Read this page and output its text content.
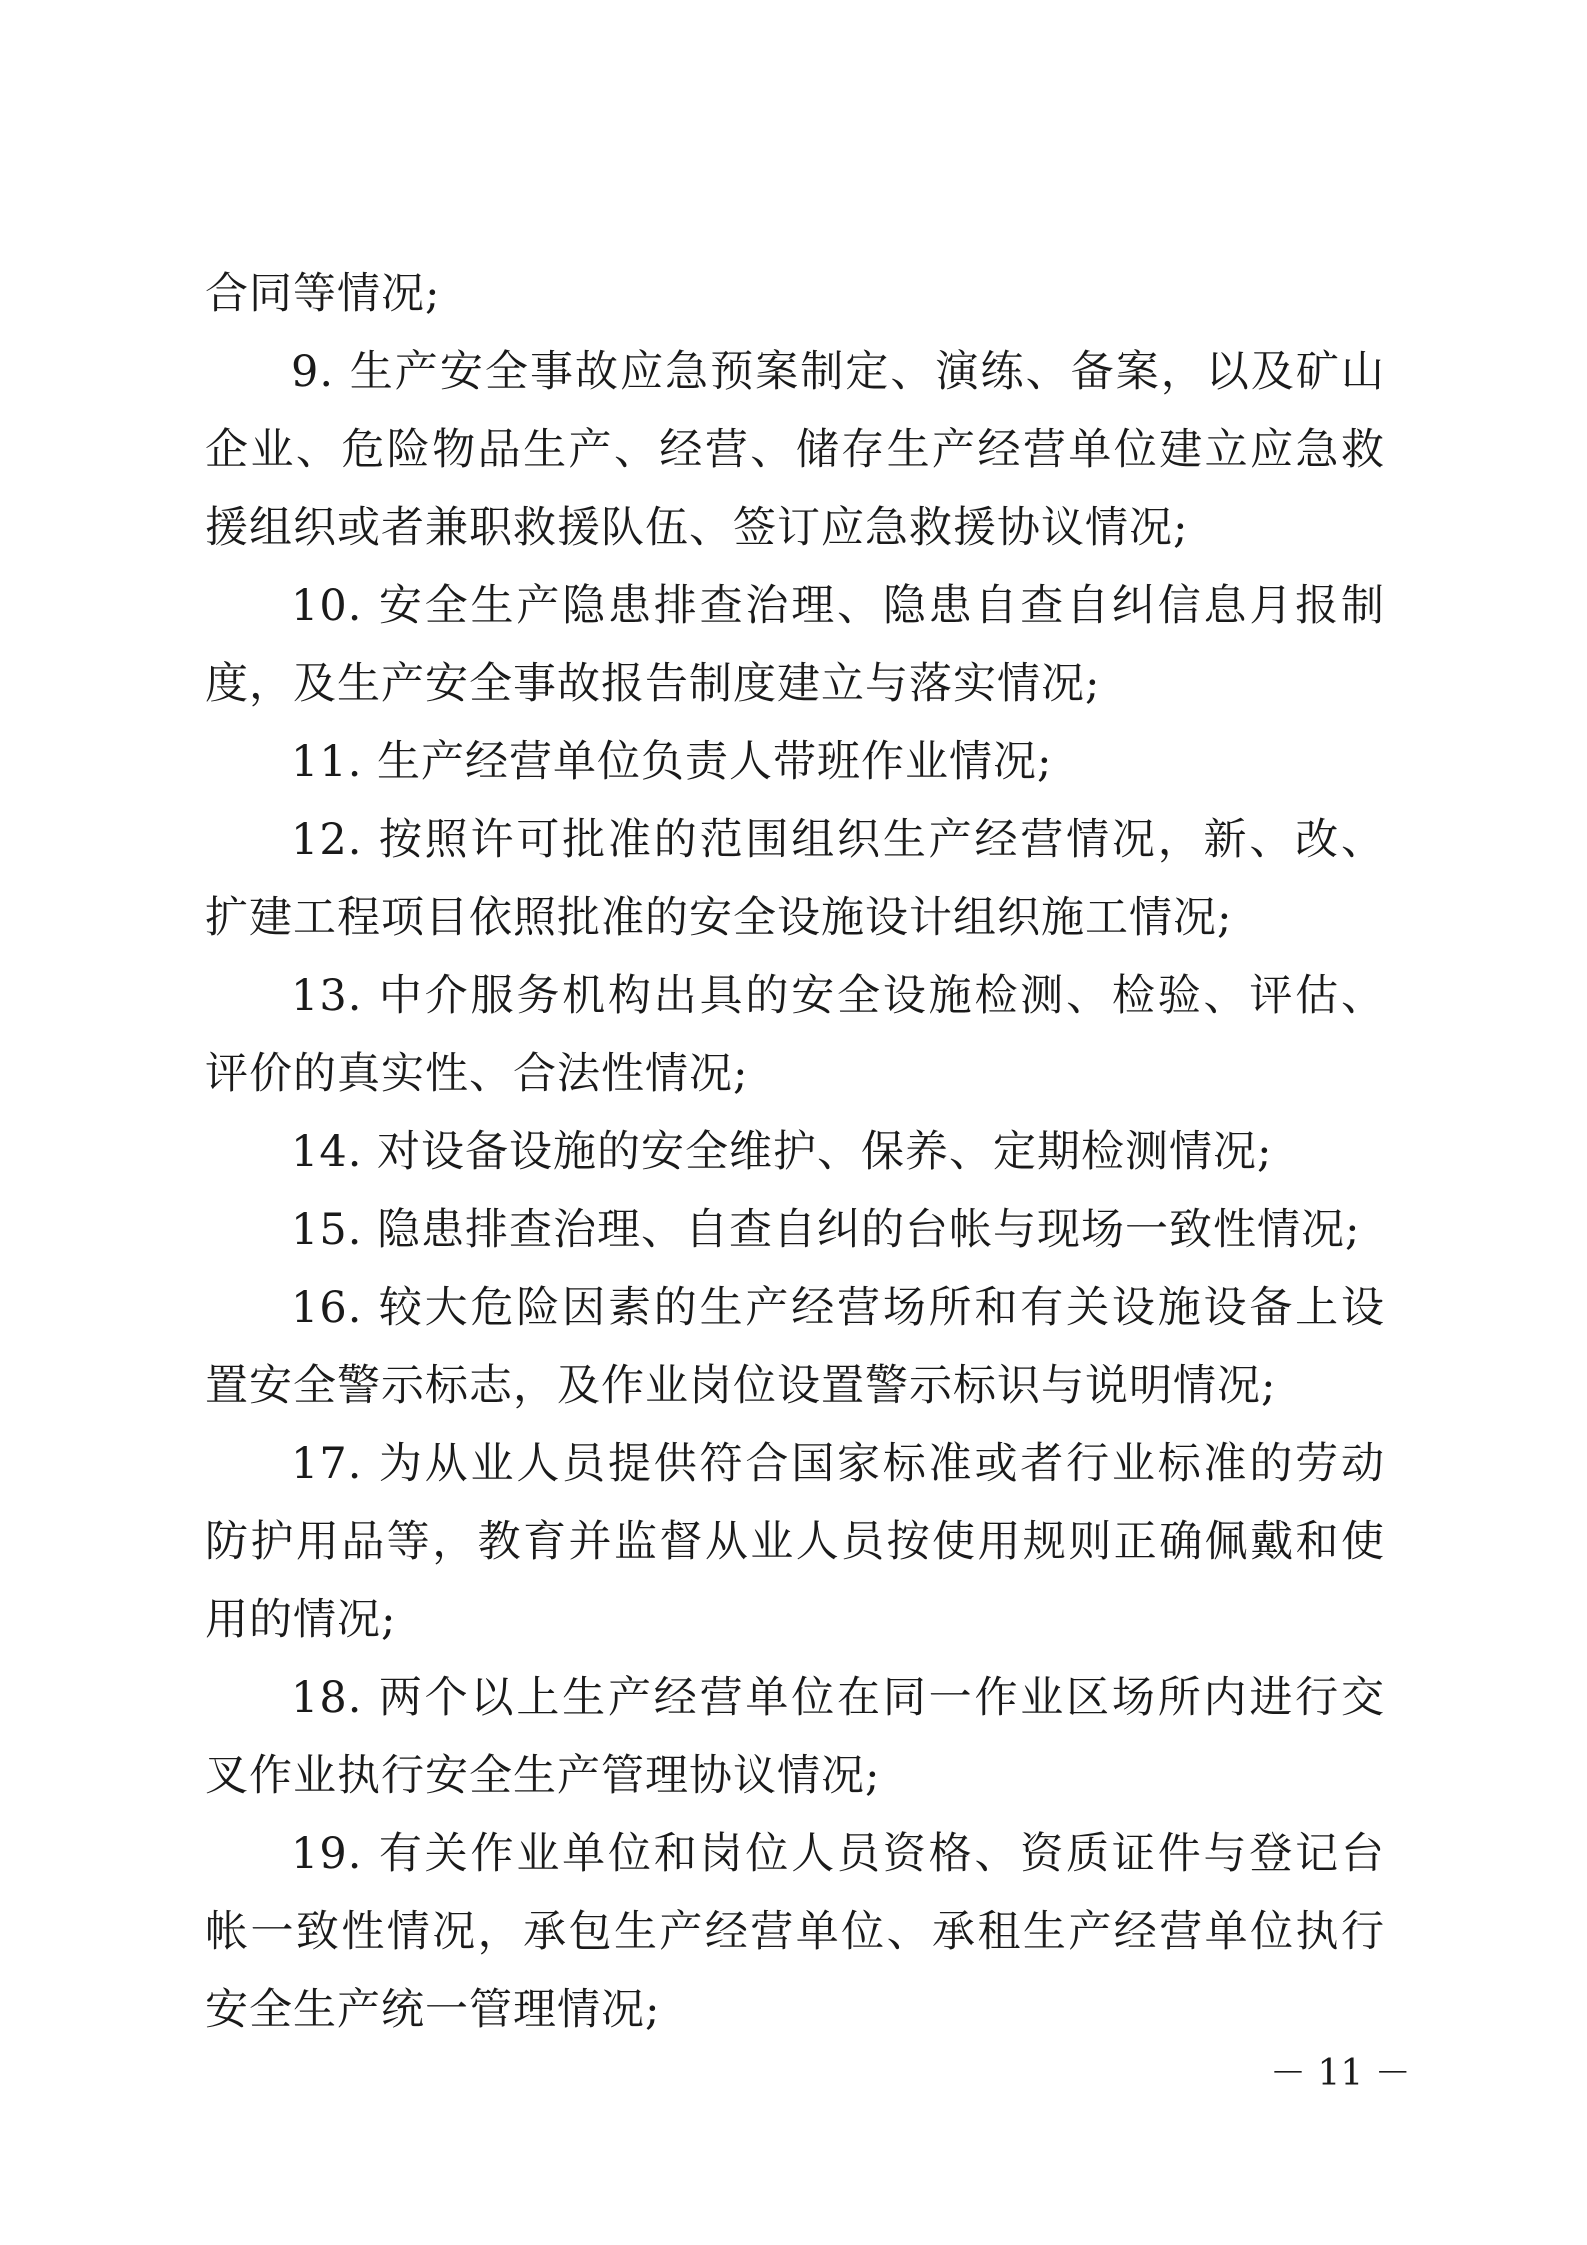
合同等情况;

9. 生产安全事故应急预案制定、演练、备案，以及矿山企业、危险物品生产、经营、储存生产经营单位建立应急救援组织或者兼职救援队伍、签订应急救援协议情况;

10. 安全生产隐患排查治理、隐患自查自纠信息月报制度，及生产安全事故报告制度建立与落实情况;

11. 生产经营单位负责人带班作业情况;

12. 按照许可批准的范围组织生产经营情况，新、改、扩建工程项目依照批准的安全设施设计组织施工情况;

13. 中介服务机构出具的安全设施检测、检验、评估、评价的真实性、合法性情况;

14. 对设备设施的安全维护、保养、定期检测情况;

15. 隐患排查治理、自查自纠的台帐与现场一致性情况;

16. 较大危险因素的生产经营场所和有关设施设备上设置安全警示标志，及作业岗位设置警示标识与说明情况;

17. 为从业人员提供符合国家标准或者行业标准的劳动防护用品等，教育并监督从业人员按使用规则正确佩戴和使用的情况;

18. 两个以上生产经营单位在同一作业区场所内进行交叉作业执行安全生产管理协议情况;

19. 有关作业单位和岗位人员资格、资质证件与登记台帐一致性情况，承包生产经营单位、承租生产经营单位执行安全生产统一管理情况;

－ 11 －
